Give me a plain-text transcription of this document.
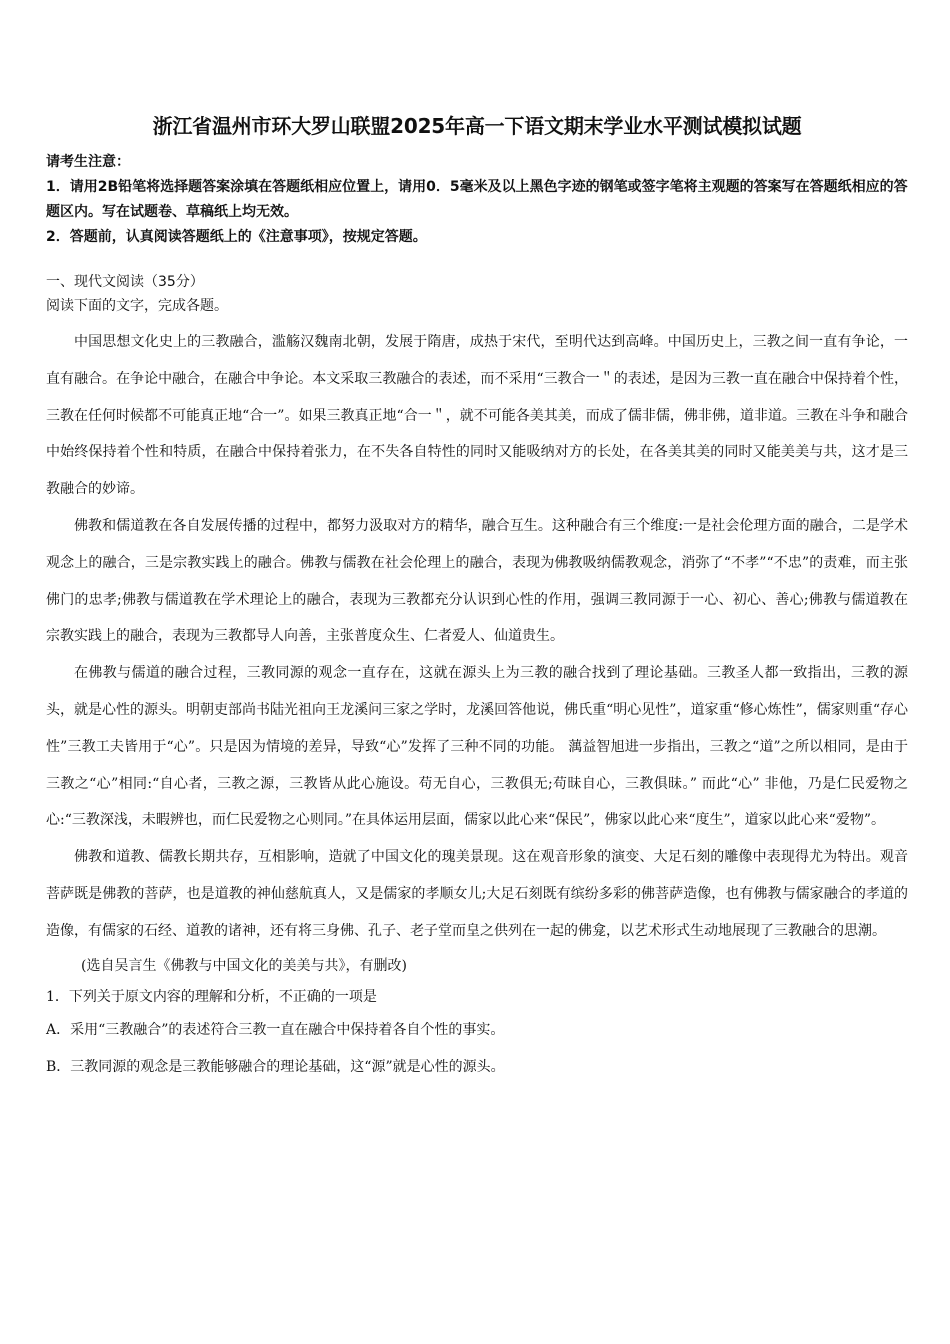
浙江省温州市环大罗山联盟2025年高一下语文期末学业水平测试模拟试题

请考生注意：

1．请用2B铅笔将选择题答案涂填在答题纸相应位置上，请用0．5毫米及以上黑色字迹的钢笔或签字笔将主观题的答案写在答题纸相应的答题区内。写在试题卷、草稿纸上均无效。

2．答题前，认真阅读答题纸上的《注意事项》，按规定答题。

一、现代文阅读（35分）
阅读下面的文字，完成各题。

中国思想文化史上的三教融合，滥觞汉魏南北朝，发展于隋唐，成热于宋代，至明代达到高峰。中国历史上，三教之间一直有争论，一直有融合。在争论中融合，在融合中争论。本文采取三教融合的表述，而不采用“三教合一＂的表述，是因为三教一直在融合中保持着个性，三教在任何时候都不可能真正地“合一”。如果三教真正地“合一＂，就不可能各美其美，而成了儒非儒，佛非佛，道非道。三教在斗争和融合中始终保持着个性和特质，在融合中保持着张力，在不失各自特性的同时又能吸纳对方的长处，在各美其美的同时又能美美与共，这才是三教融合的妙谛。

佛教和儒道教在各自发展传播的过程中，都努力汲取对方的精华，融合互生。这种融合有三个维度:一是社会伦理方面的融合，二是学术观念上的融合，三是宗教实践上的融合。佛教与儒教在社会伦理上的融合，表现为佛教吸纳儒教观念，消弥了“不孝”“不忠”的责难，而主张佛门的忠孝;佛教与儒道教在学术理论上的融合，表现为三教都充分认识到心性的作用，强调三教同源于一心、初心、善心;佛教与儒道教在宗教实践上的融合，表现为三教都导人向善，主张普度众生、仁者爱人、仙道贵生。

在佛教与儒道的融合过程，三教同源的观念一直存在，这就在源头上为三教的融合找到了理论基础。三教圣人都一致指出，三教的源头，就是心性的源头。明朝吏部尚书陆光祖向王龙溪问三家之学时，龙溪回答他说，佛氏重“明心见性”，道家重“修心炼性”，儒家则重“存心性”三教工夫皆用于“心”。只是因为情境的差异，导致“心”发挥了三种不同的功能。 蕅益智旭进一步指出，三教之“道”之所以相同，是由于三教之“心”相同:“自心者，三教之源，三教皆从此心施设。苟无自心，三教俱无;苟昧自心，三教俱昧。” 而此“心” 非他，乃是仁民爱物之心:“三教深浅，未暇辨也，而仁民爱物之心则同。”在具体运用层面，儒家以此心来“保民”，佛家以此心来“度生”，道家以此心来“爱物”。

佛教和道教、儒教长期共存，互相影响，造就了中国文化的瑰美景现。这在观音形象的演变、大足石刻的雕像中表现得尤为特出。观音菩萨既是佛教的菩萨，也是道教的神仙慈航真人，又是儒家的孝顺女儿;大足石刻既有缤纷多彩的佛菩萨造像，也有佛教与儒家融合的孝道的造像，有儒家的石经、道教的诸神，还有将三身佛、孔子、老子堂而皇之供列在一起的佛龛，以艺术形式生动地展现了三教融合的思潮。

(选自吴言生《佛教与中国文化的美美与共》，有删改)

1．下列关于原文内容的理解和分析，不正确的一项是

A．采用“三教融合”的表述符合三教一直在融合中保持着各自个性的事实。

B．三教同源的观念是三教能够融合的理论基础，这“源”就是心性的源头。
